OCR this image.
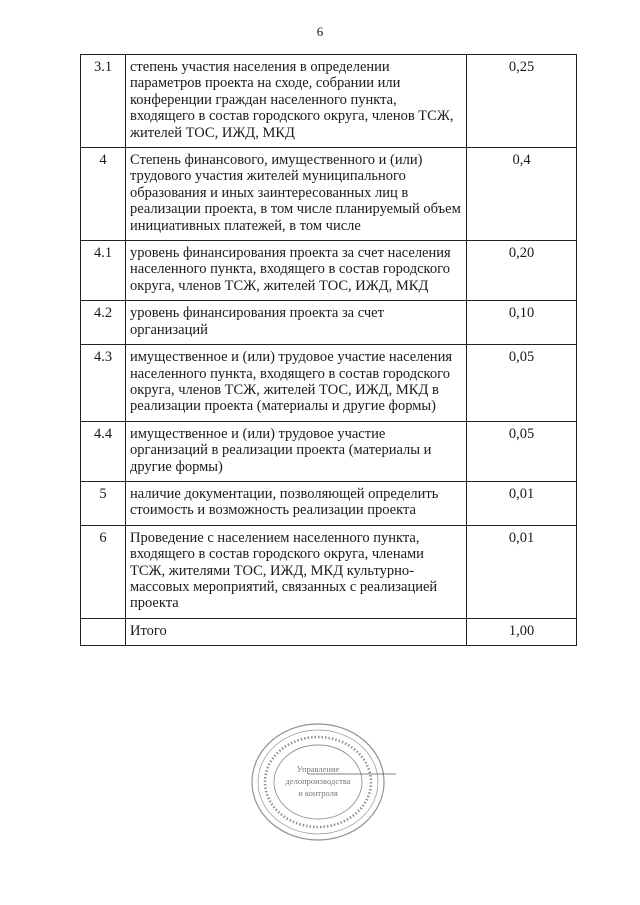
6
3.1	степень участия населения в определении параметров проекта на сходе, собрании или конференции граждан населенного пункта, входящего в состав городского округа, членов ТСЖ, жителей ТОС, ИЖД, МКД	0,25
4	Степень финансового, имущественного и (или) трудового участия жителей муниципального образования и иных заинтересованных лиц в реализации проекта, в том числе планируемый объем инициативных платежей, в том числе	0,4
4.1	уровень финансирования проекта за счет населения населенного пункта, входящего в состав городского округа, членов ТСЖ, жителей ТОС, ИЖД, МКД	0,20
4.2	уровень финансирования проекта за счет организаций	0,10
4.3	имущественное и (или) трудовое участие населения населенного пункта, входящего в состав городского округа, членов ТСЖ, жителей ТОС, ИЖД, МКД в реализации проекта (материалы и другие формы)	0,05
4.4	имущественное и (или) трудовое участие организаций в реализации проекта (материалы и другие формы)	0,05
5	наличие документации, позволяющей определить стоимость и возможность реализации проекта	0,01
6	Проведение с населением населенного пункта, входящего в состав городского округа, членами ТСЖ, жителями ТОС, ИЖД, МКД культурно-массовых мероприятий, связанных с реализацией проекта	0,01
	Итого	1,00
Управление
делопроизводства
и контроля
